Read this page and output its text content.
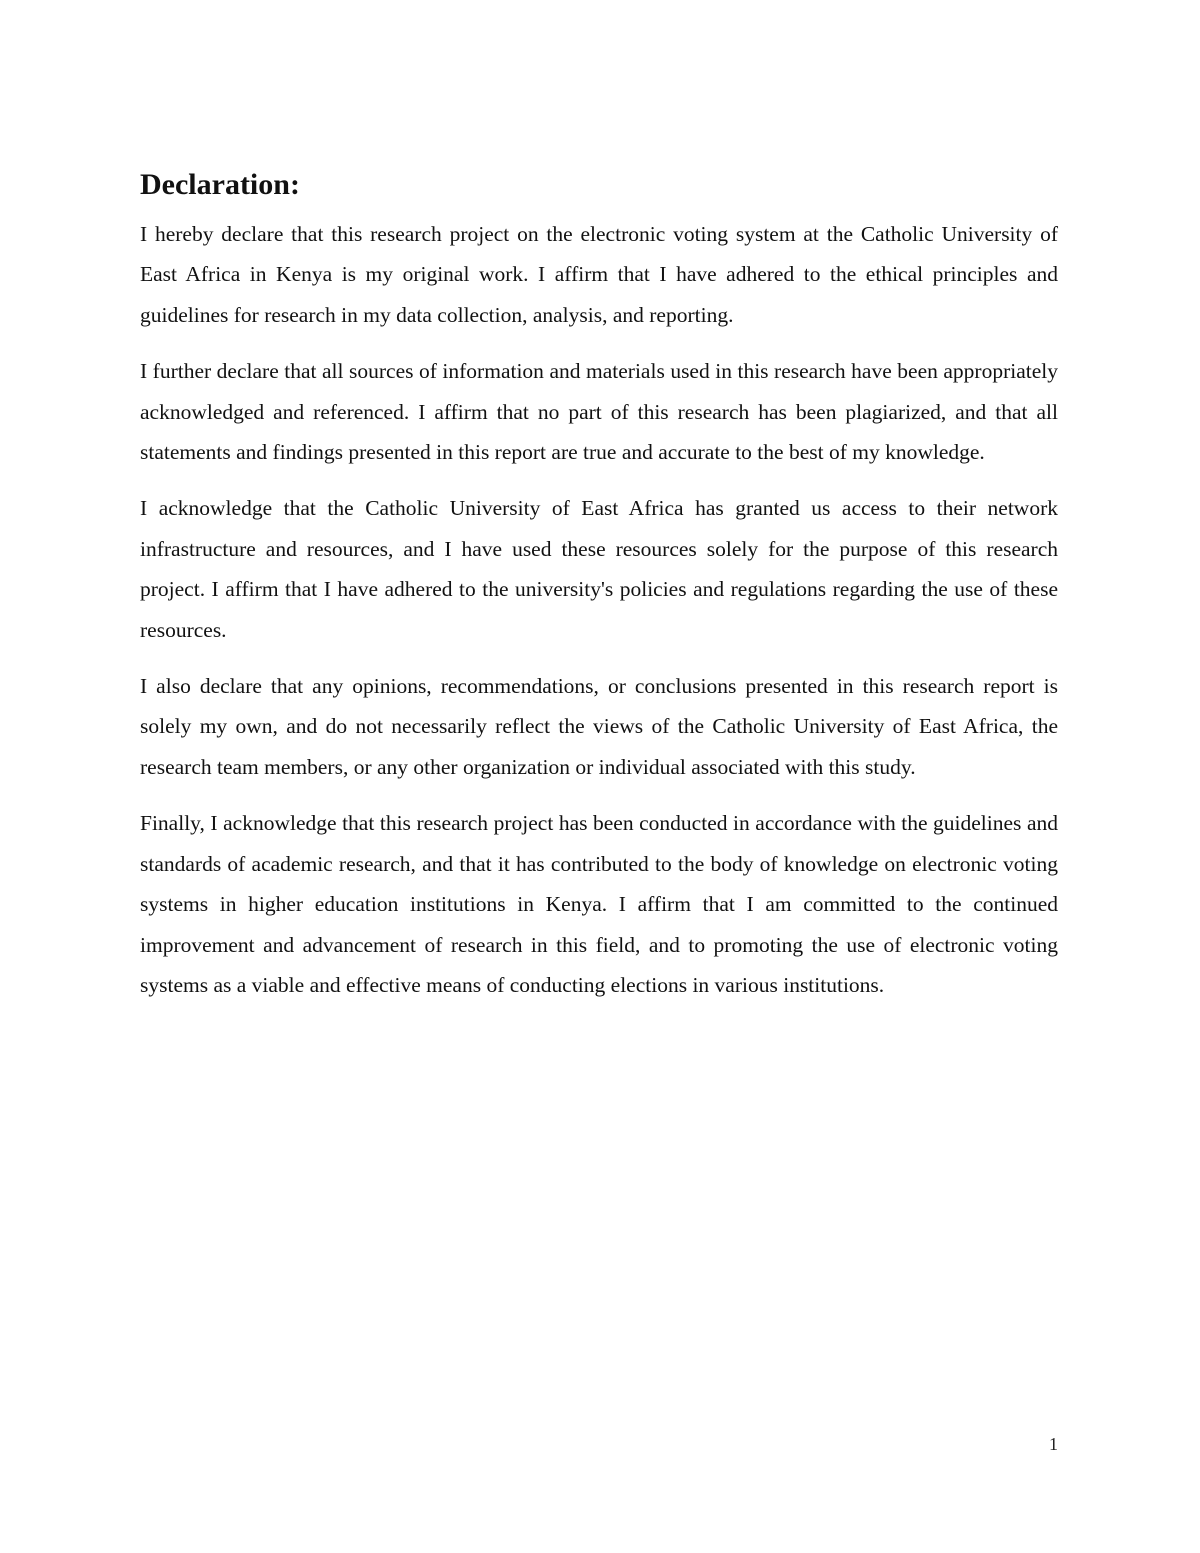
Declaration:

I hereby declare that this research project on the electronic voting system at the Catholic University of East Africa in Kenya is my original work. I affirm that I have adhered to the ethical principles and guidelines for research in my data collection, analysis, and reporting.

I further declare that all sources of information and materials used in this research have been appropriately acknowledged and referenced. I affirm that no part of this research has been plagiarized, and that all statements and findings presented in this report are true and accurate to the best of my knowledge.

I acknowledge that the Catholic University of East Africa has granted us access to their network infrastructure and resources, and I have used these resources solely for the purpose of this research project. I affirm that I have adhered to the university's policies and regulations regarding the use of these resources.

I also declare that any opinions, recommendations, or conclusions presented in this research report is solely my own, and do not necessarily reflect the views of the Catholic University of East Africa, the research team members, or any other organization or individual associated with this study.

Finally, I acknowledge that this research project has been conducted in accordance with the guidelines and standards of academic research, and that it has contributed to the body of knowledge on electronic voting systems in higher education institutions in Kenya. I affirm that I am committed to the continued improvement and advancement of research in this field, and to promoting the use of electronic voting systems as a viable and effective means of conducting elections in various institutions.

1
